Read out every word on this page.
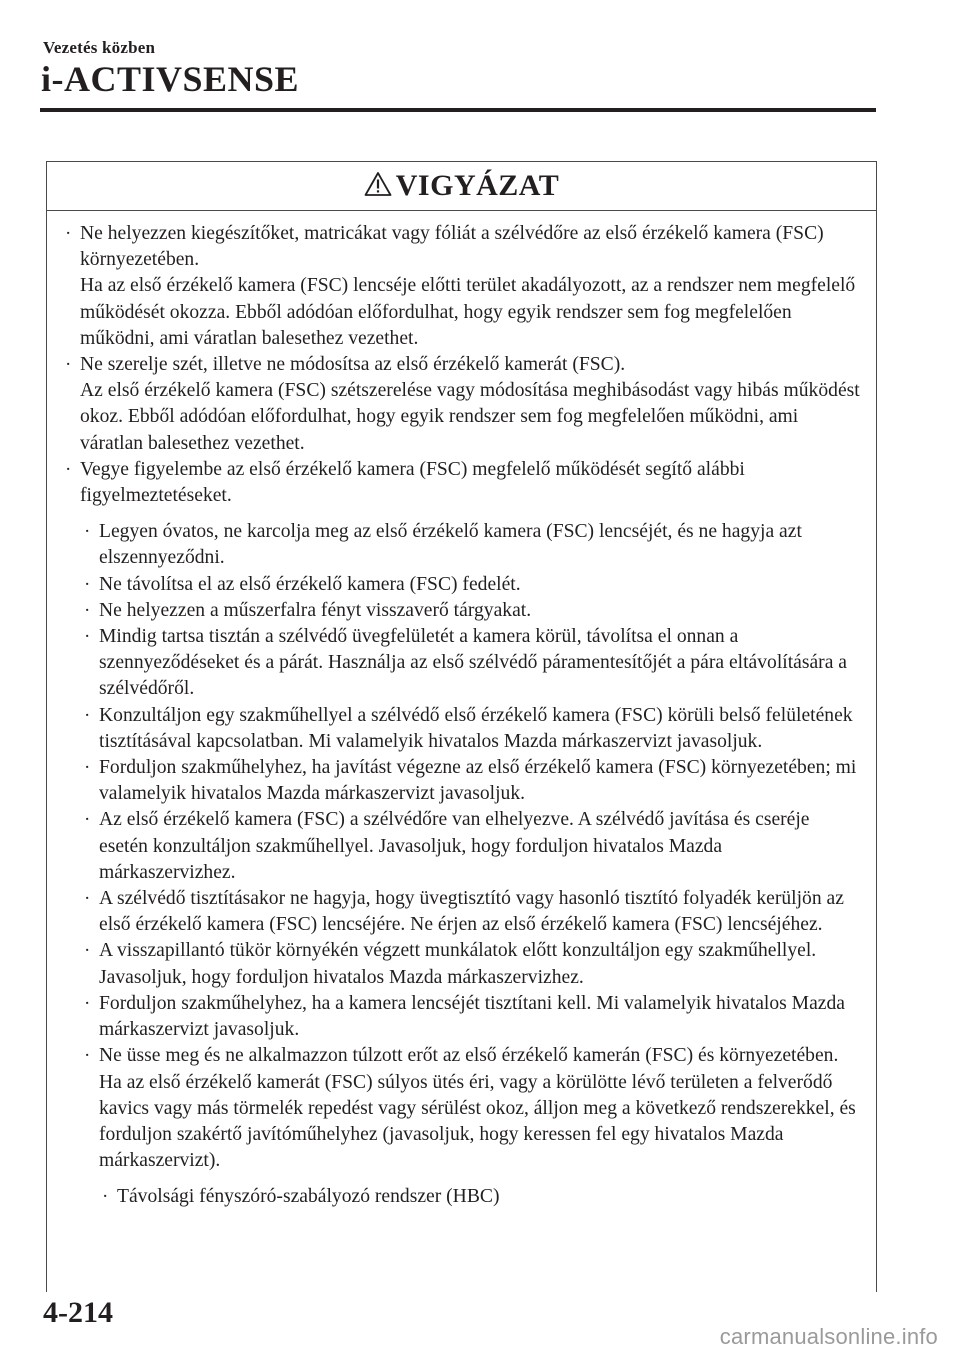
Vezetés közben
i-ACTIVSENSE
VIGYÁZAT
· Ne helyezzen kiegészítőket, matricákat vagy fóliát a szélvédőre az első érzékelő kamera (FSC) környezetében.

Ha az első érzékelő kamera (FSC) lencséje előtti terület akadályozott, az a rendszer nem megfelelő működését okozza. Ebből adódóan előfordulhat, hogy egyik rendszer sem fog megfelelően működni, ami váratlan balesethez vezethet.

· Ne szerelje szét, illetve ne módosítsa az első érzékelő kamerát (FSC).

Az első érzékelő kamera (FSC) szétszerelése vagy módosítása meghibásodást vagy hibás működést okoz. Ebből adódóan előfordulhat, hogy egyik rendszer sem fog megfelelően működni, ami váratlan balesethez vezethet.

· Vegye figyelembe az első érzékelő kamera (FSC) megfelelő működését segítő alábbi figyelmeztetéseket.

· Legyen óvatos, ne karcolja meg az első érzékelő kamera (FSC) lencséjét, és ne hagyja azt elszennyeződni.

· Ne távolítsa el az első érzékelő kamera (FSC) fedelét.

· Ne helyezzen a műszerfalra fényt visszaverő tárgyakat.

· Mindig tartsa tisztán a szélvédő üvegfelületét a kamera körül, távolítsa el onnan a szennyeződéseket és a párát. Használja az első szélvédő páramentesítőjét a pára eltávolítására a szélvédőről.

· Konzultáljon egy szakműhellyel a szélvédő első érzékelő kamera (FSC) körüli belső felületének tisztításával kapcsolatban. Mi valamelyik hivatalos Mazda márkaszervizt javasoljuk.

· Forduljon szakműhelyhez, ha javítást végezne az első érzékelő kamera (FSC) környezetében; mi valamelyik hivatalos Mazda márkaszervizt javasoljuk.

· Az első érzékelő kamera (FSC) a szélvédőre van elhelyezve. A szélvédő javítása és cseréje esetén konzultáljon szakműhellyel. Javasoljuk, hogy forduljon hivatalos Mazda márkaszervizhez.

· A szélvédő tisztításakor ne hagyja, hogy üvegtisztító vagy hasonló tisztító folyadék kerüljön az első érzékelő kamera (FSC) lencséjére. Ne érjen az első érzékelő kamera (FSC) lencséjéhez.

· A visszapillantó tükör környékén végzett munkálatok előtt konzultáljon egy szakműhellyel. Javasoljuk, hogy forduljon hivatalos Mazda márkaszervizhez.

· Forduljon szakműhelyhez, ha a kamera lencséjét tisztítani kell. Mi valamelyik hivatalos Mazda márkaszervizt javasoljuk.

· Ne üsse meg és ne alkalmazzon túlzott erőt az első érzékelő kamerán (FSC) és környezetében. Ha az első érzékelő kamerát (FSC) súlyos ütés éri, vagy a körülötte lévő területen a felverődő kavics vagy más törmelék repedést vagy sérülést okoz, álljon meg a következő rendszerekkel, és forduljon szakértő javítóműhelyhez (javasoljuk, hogy keressen fel egy hivatalos Mazda márkaszervizt).

· Távolsági fényszóró-szabályozó rendszer (HBC)

4-214
carmanualsonline.info
